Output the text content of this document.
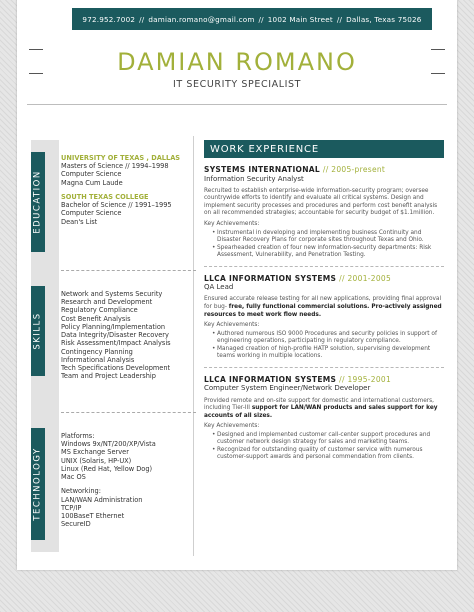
972.952.7002 // damian.romano@gmail.com // 1002 Main Street // Dallas, Texas 75026
DAMIAN ROMANO
IT SECURITY SPECIALIST
EDUCATION
UNIVERSITY OF TEXAS , DALLAS
Masters of Science // 1994–1998
Computer Science
Magna Cum Laude
SOUTH TEXAS COLLEGE
Bachelor of Science // 1991–1995
Computer Science
Dean's List
SKILLS
Network and Systems Security
Research and Development
Regulatory Compliance
Cost Benefit Analysis
Policy Planning/Implementation
Data Integrity/Disaster Recovery
Risk Assessment/Impact Analysis
Contingency Planning
Informational Analysis
Tech Specifications Development
Team and Project Leadership
TECHNOLOGY
Platforms:
Windows 9x/NT/200/XP/Vista
MS Exchange Server
UNIX (Solaris, HP-UX)
Linux (Red Hat, Yellow Dog)
Mac OS
Networking:
LAN/WAN Administration
TCP/IP
100BaseT Ethernet
SecureID
WORK EXPERIENCE
SYSTEMS INTERNATIONAL // 2005-present
Information Security Analyst
Recruited to establish enterprise-wide information-security program; oversee countrywide efforts to identify and evaluate all critical systems. Design and implement security processes and procedures and perform cost benefit analysis on all recommended strategies; accountable for security budget of $1.1million.
Key Achievements:
• Instrumental in developing and implementing business Continuity and Disaster Recovery Plans for corporate sites throughout Texas and Ohio.
• Spearheaded creation of four new information-security departments: Risk Assessment, Vulnerability, and Penetration Testing.
LLCA INFORMATION SYSTEMS // 2001-2005
QA Lead
Ensured accurate release testing for all new applications, providing final approval for bug- free, fully functional commercial solutions. Pro-actively assigned resources to meet work flow needs.
Key Achievements:
• Authored numerous ISO 9000 Procedures and security policies in support of engineering operations, participating in regulatory compliance.
• Managed creation of high-profile HATP solution, supervising development teams working in multiple locations.
LLCA INFORMATION SYSTEMS // 1995-2001
Computer System Engineer/Network Developer
Provided remote and on-site support for domestic and international customers, including Tier-III support for LAN/WAN products and sales support for key accounts of all sizes.
Key Achievements:
• Designed and implemented customer call-center support procedures and customer network design strategy for sales and marketing teams.
• Recognized for outstanding quality of customer service with numerous customer-support awards and personal commendation from clients.
